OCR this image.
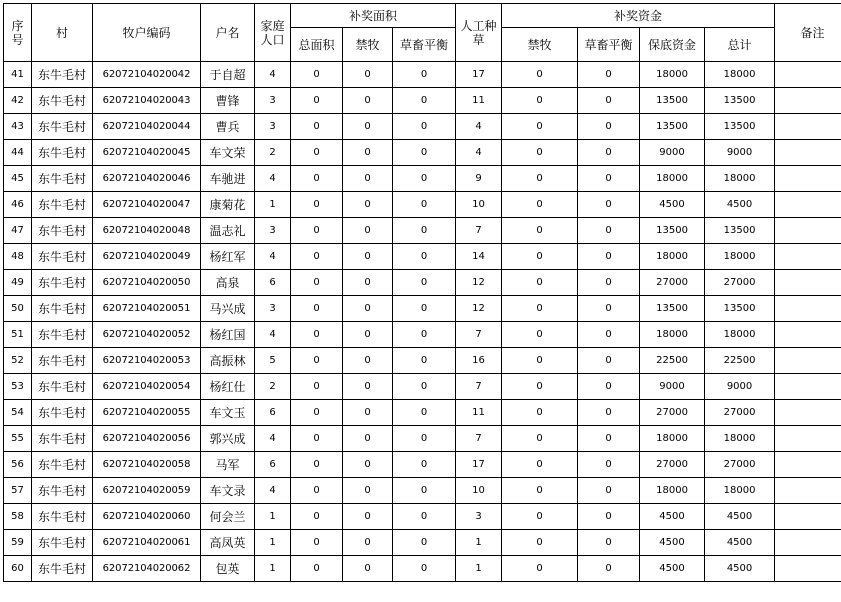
序号	村	牧户编码	户名	家庭人口	补奖面积			人工种草	补奖资金				备注
					总面积	禁牧	草畜平衡		禁牧	草畜平衡	保底资金	总计	
41	东牛毛村	62072104020042	于自超	4	0	0	0	17	0	0	18000	18000	
42	东牛毛村	62072104020043	曹锋	3	0	0	0	11	0	0	13500	13500	
43	东牛毛村	62072104020044	曹兵	3	0	0	0	4	0	0	13500	13500	
44	东牛毛村	62072104020045	车文荣	2	0	0	0	4	0	0	9000	9000	
45	东牛毛村	62072104020046	车驰进	4	0	0	0	9	0	0	18000	18000	
46	东牛毛村	62072104020047	康菊花	1	0	0	0	10	0	0	4500	4500	
47	东牛毛村	62072104020048	温志礼	3	0	0	0	7	0	0	13500	13500	
48	东牛毛村	62072104020049	杨红军	4	0	0	0	14	0	0	18000	18000	
49	东牛毛村	62072104020050	高泉	6	0	0	0	12	0	0	27000	27000	
50	东牛毛村	62072104020051	马兴成	3	0	0	0	12	0	0	13500	13500	
51	东牛毛村	62072104020052	杨红国	4	0	0	0	7	0	0	18000	18000	
52	东牛毛村	62072104020053	高振林	5	0	0	0	16	0	0	22500	22500	
53	东牛毛村	62072104020054	杨红仕	2	0	0	0	7	0	0	9000	9000	
54	东牛毛村	62072104020055	车文玉	6	0	0	0	11	0	0	27000	27000	
55	东牛毛村	62072104020056	郭兴成	4	0	0	0	7	0	0	18000	18000	
56	东牛毛村	62072104020058	马军	6	0	0	0	17	0	0	27000	27000	
57	东牛毛村	62072104020059	车文录	4	0	0	0	10	0	0	18000	18000	
58	东牛毛村	62072104020060	何会兰	1	0	0	0	3	0	0	4500	4500	
59	东牛毛村	62072104020061	高凤英	1	0	0	0	1	0	0	4500	4500	
60	东牛毛村	62072104020062	包英	1	0	0	0	1	0	0	4500	4500	
